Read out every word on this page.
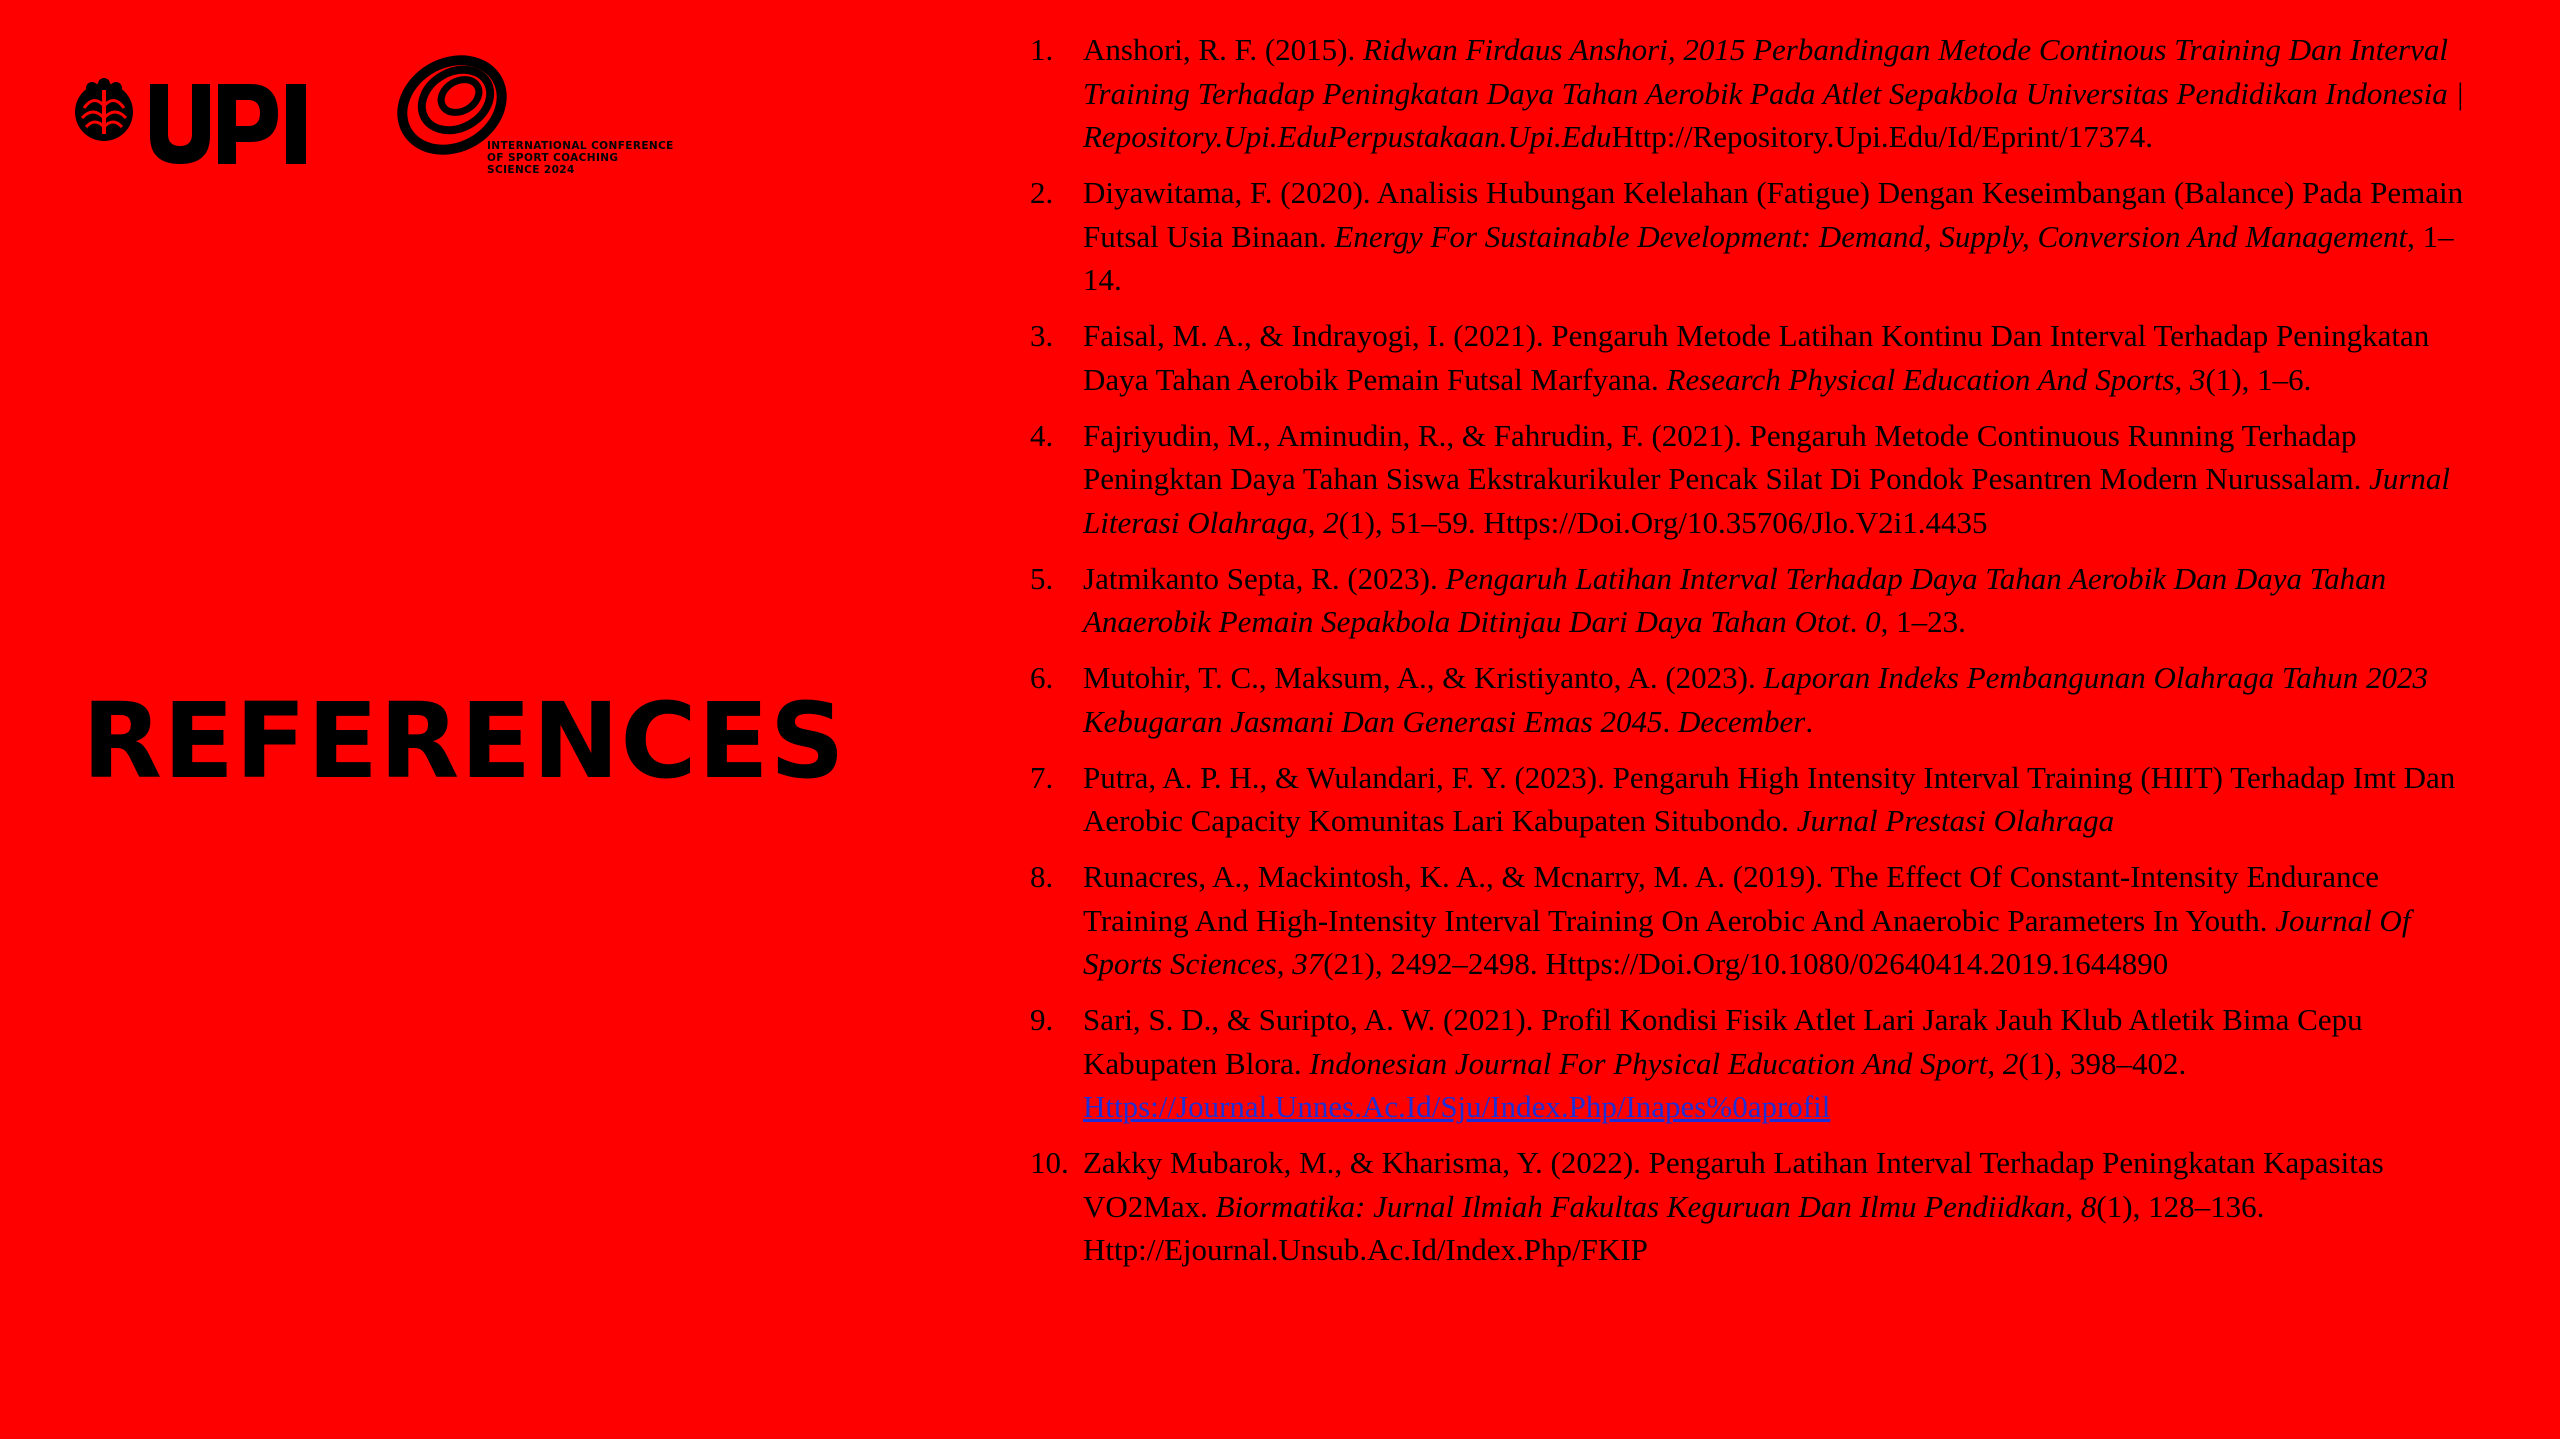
INTERNATIONAL CONFERENCE
OF SPORT COACHING
SCIENCE 2024
REFERENCES
1. Anshori, R. F. (2015). Ridwan Firdaus Anshori, 2015 Perbandingan Metode Continous Training Dan Interval Training Terhadap Peningkatan Daya Tahan Aerobik Pada Atlet Sepakbola Universitas Pendidikan Indonesia | Repository.Upi.EduPerpustakaan.Upi.EduHttp://Repository.Upi.Edu/Id/Eprint/17374.
2. Diyawitama, F. (2020). Analisis Hubungan Kelelahan (Fatigue) Dengan Keseimbangan (Balance) Pada Pemain Futsal Usia Binaan. Energy For Sustainable Development: Demand, Supply, Conversion And Management, 1–14.
3. Faisal, M. A., & Indrayogi, I. (2021). Pengaruh Metode Latihan Kontinu Dan Interval Terhadap Peningkatan Daya Tahan Aerobik Pemain Futsal Marfyana. Research Physical Education And Sports, 3(1), 1–6.
4. Fajriyudin, M., Aminudin, R., & Fahrudin, F. (2021). Pengaruh Metode Continuous Running Terhadap Peningktan Daya Tahan Siswa Ekstrakurikuler Pencak Silat Di Pondok Pesantren Modern Nurussalam. Jurnal Literasi Olahraga, 2(1), 51–59. Https://Doi.Org/10.35706/Jlo.V2i1.4435
5. Jatmikanto Septa, R. (2023). Pengaruh Latihan Interval Terhadap Daya Tahan Aerobik Dan Daya Tahan Anaerobik Pemain Sepakbola Ditinjau Dari Daya Tahan Otot. 0, 1–23.
6. Mutohir, T. C., Maksum, A., & Kristiyanto, A. (2023). Laporan Indeks Pembangunan Olahraga Tahun 2023 Kebugaran Jasmani Dan Generasi Emas 2045. December.
7. Putra, A. P. H., & Wulandari, F. Y. (2023). Pengaruh High Intensity Interval Training (HIIT) Terhadap Imt Dan Aerobic Capacity Komunitas Lari Kabupaten Situbondo. Jurnal Prestasi Olahraga
8. Runacres, A., Mackintosh, K. A., & Mcnarry, M. A. (2019). The Effect Of Constant-Intensity Endurance Training And High-Intensity Interval Training On Aerobic And Anaerobic Parameters In Youth. Journal Of Sports Sciences, 37(21), 2492–2498. Https://Doi.Org/10.1080/02640414.2019.1644890
9. Sari, S. D., & Suripto, A. W. (2021). Profil Kondisi Fisik Atlet Lari Jarak Jauh Klub Atletik Bima Cepu Kabupaten Blora. Indonesian Journal For Physical Education And Sport, 2(1), 398–402. Https://Journal.Unnes.Ac.Id/Sju/Index.Php/Inapes%0aprofil
10. Zakky Mubarok, M., & Kharisma, Y. (2022). Pengaruh Latihan Interval Terhadap Peningkatan Kapasitas VO2Max. Biormatika: Jurnal Ilmiah Fakultas Keguruan Dan Ilmu Pendiidkan, 8(1), 128–136. Http://Ejournal.Unsub.Ac.Id/Index.Php/FKIP
